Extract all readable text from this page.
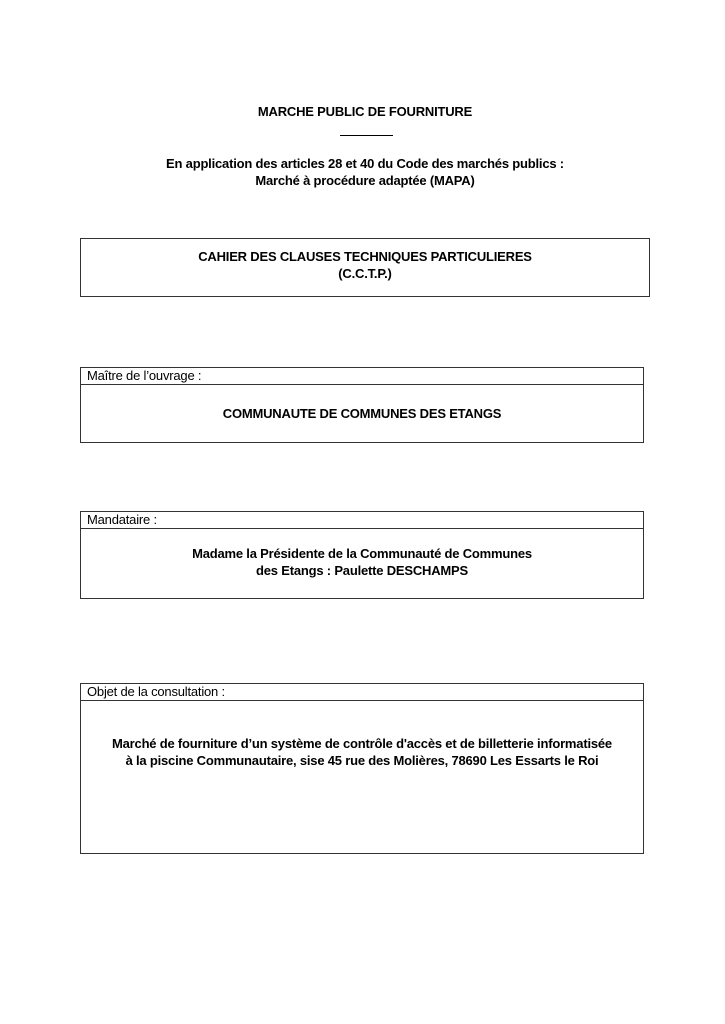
MARCHE PUBLIC DE FOURNITURE
En application des articles 28 et 40 du Code des marchés publics :
Marché à procédure adaptée (MAPA)
CAHIER DES CLAUSES TECHNIQUES PARTICULIERES
(C.C.T.P.)
Maître de l’ouvrage :
COMMUNAUTE DE COMMUNES DES ETANGS
Mandataire :
Madame la Présidente de la Communauté de Communes
des Etangs : Paulette DESCHAMPS
Objet de la consultation :
Marché de fourniture d’un système de contrôle d'accès et de billetterie informatisée
à la piscine Communautaire, sise 45 rue des Molières, 78690 Les Essarts le Roi
